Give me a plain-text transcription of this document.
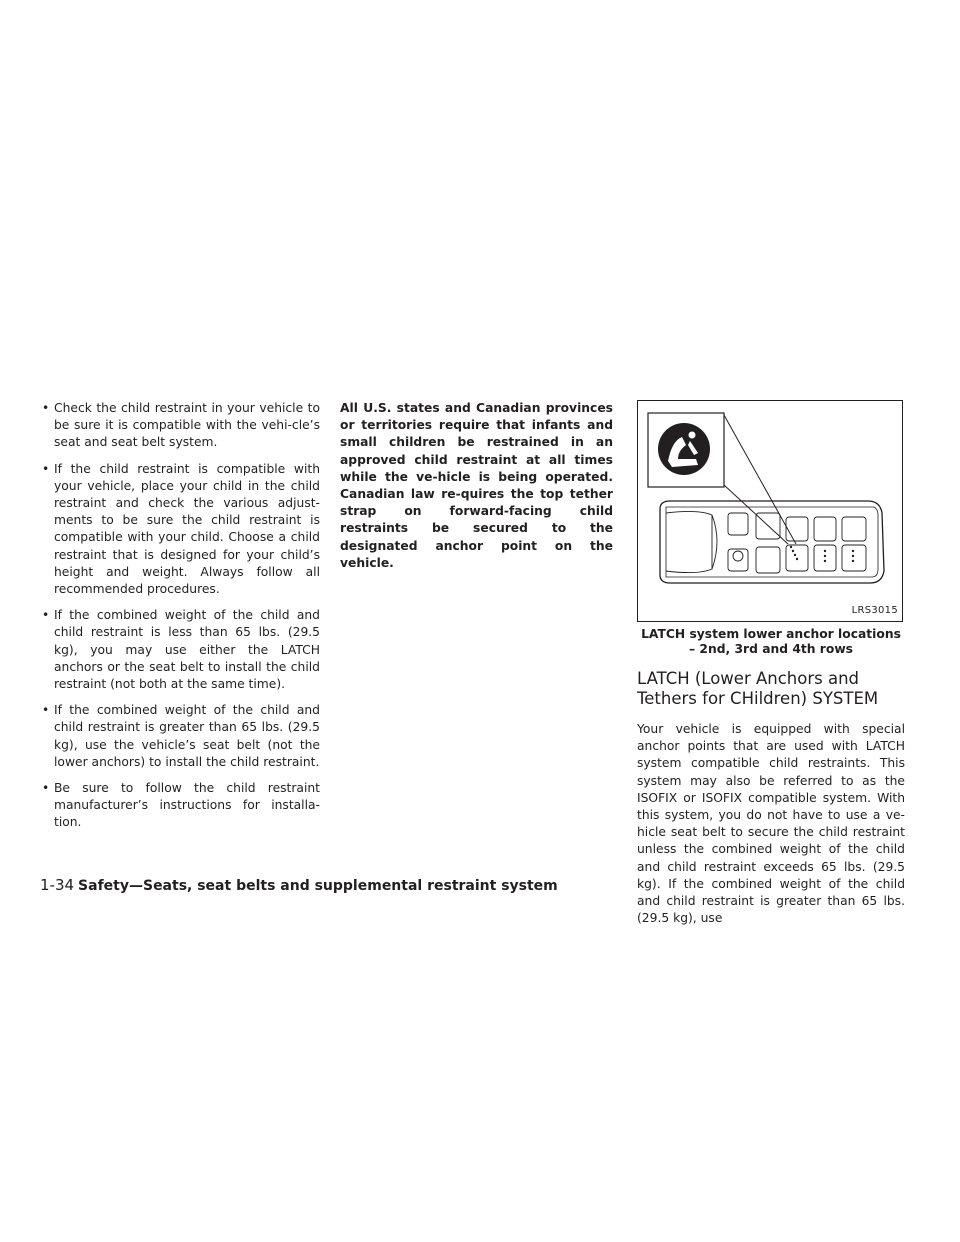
• Check the child restraint in your vehicle to be sure it is compatible with the vehi-cle’s seat and seat belt system.
• If the child restraint is compatible with your vehicle, place your child in the child restraint and check the various adjust-ments to be sure the child restraint is compatible with your child. Choose a child restraint that is designed for your child’s height and weight. Always follow all recommended procedures.
• If the combined weight of the child and child restraint is less than 65 lbs. (29.5 kg), you may use either the LATCH anchors or the seat belt to install the child restraint (not both at the same time).
• If the combined weight of the child and child restraint is greater than 65 lbs. (29.5 kg), use the vehicle’s seat belt (not the lower anchors) to install the child restraint.
• Be sure to follow the child restraint manufacturer’s instructions for installa-tion.

All U.S. states and Canadian provinces or territories require that infants and small children be restrained in an approved child restraint at all times while the ve-hicle is being operated. Canadian law re-quires the top tether strap on forward-facing child restraints be secured to the designated anchor point on the vehicle.

LRS3015
LATCH system lower anchor locations – 2nd, 3rd and 4th rows
LATCH (Lower Anchors and Tethers for CHildren) SYSTEM

Your vehicle is equipped with special anchor points that are used with LATCH system compatible child restraints. This system may also be referred to as the ISOFIX or ISOFIX compatible system. With this system, you do not have to use a ve-hicle seat belt to secure the child restraint unless the combined weight of the child and child restraint exceeds 65 lbs. (29.5 kg). If the combined weight of the child and child restraint is greater than 65 lbs. (29.5 kg), use

1-34 Safety—Seats, seat belts and supplemental restraint system
